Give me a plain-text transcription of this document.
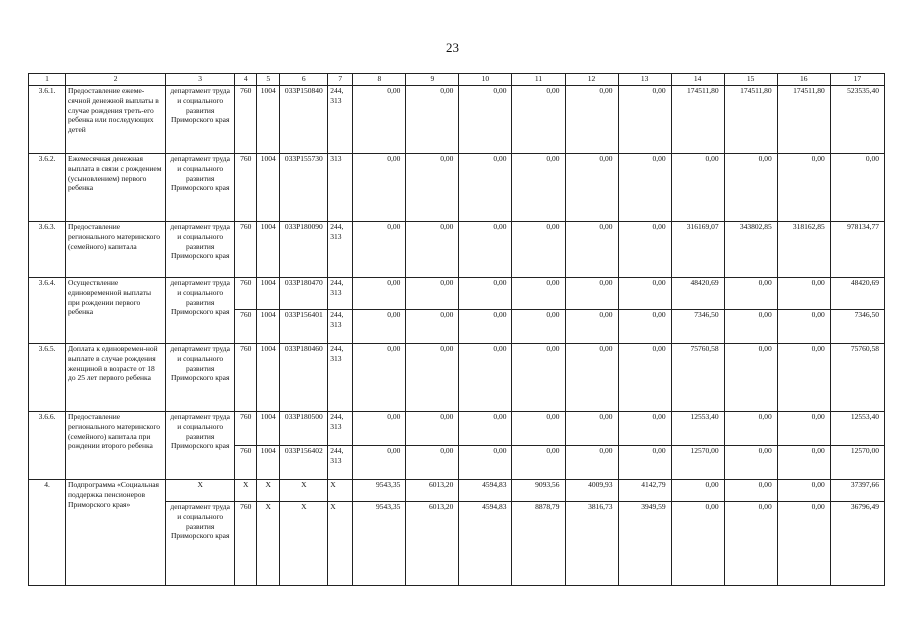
23
1	2	3	4	5	6	7	8	9	10	11	12	13	14	15	16	17
3.6.1.	Предоставление ежеме-сячной денежной выплаты в случае рождения треть-его ребенка или последующих детей	департамент труда и социального развития Приморского края	760	1004	033P150840	244, 313	0,00	0,00	0,00	0,00	0,00	0,00	174511,80	174511,80	174511,80	523535,40
3.6.2.	Ежемесячная денежная выплата в связи с рождением (усыновлением) первого ребенка	департамент труда и социального развития Приморского края	760	1004	033P155730	313	0,00	0,00	0,00	0,00	0,00	0,00	0,00	0,00	0,00	0,00
3.6.3.	Предоставление регионального материнского (семейного) капитала	департамент труда и социального развития Приморского края	760	1004	033P180090	244, 313	0,00	0,00	0,00	0,00	0,00	0,00	316169,07	343802,85	318162,85	978134,77
3.6.4.	Осуществление единовременной выплаты при рождении первого ребенка	департамент труда и социального развития Приморского края	760	1004	033P180470	244, 313	0,00	0,00	0,00	0,00	0,00	0,00	48420,69	0,00	0,00	48420,69
			760	1004	033P156401	244, 313	0,00	0,00	0,00	0,00	0,00	0,00	7346,50	0,00	0,00	7346,50
3.6.5.	Доплата к единовремен-ной выплате в случае рождения женщиной в возрасте от 18 до 25 лет первого ребенка	департамент труда и социального развития Приморского края	760	1004	033P180460	244, 313	0,00	0,00	0,00	0,00	0,00	0,00	75760,58	0,00	0,00	75760,58
3.6.6.	Предоставление регионального материнского (семейного) капитала при рождении второго ребенка	департамент труда и социального развития Приморского края	760	1004	033P180500	244, 313	0,00	0,00	0,00	0,00	0,00	0,00	12553,40	0,00	0,00	12553,40
			760	1004	033P156402	244, 313	0,00	0,00	0,00	0,00	0,00	0,00	12570,00	0,00	0,00	12570,00
4.	Подпрограмма «Социальная поддержка пенсионеров Приморского края»	Х	Х	Х	Х	Х	9543,35	6013,20	4594,83	9093,56	4009,93	4142,79	0,00	0,00	0,00	37397,66
		департамент труда и социального развития Приморского края	760	Х	Х	Х	9543,35	6013,20	4594,83	8878,79	3816,73	3949,59	0,00	0,00	0,00	36796,49
